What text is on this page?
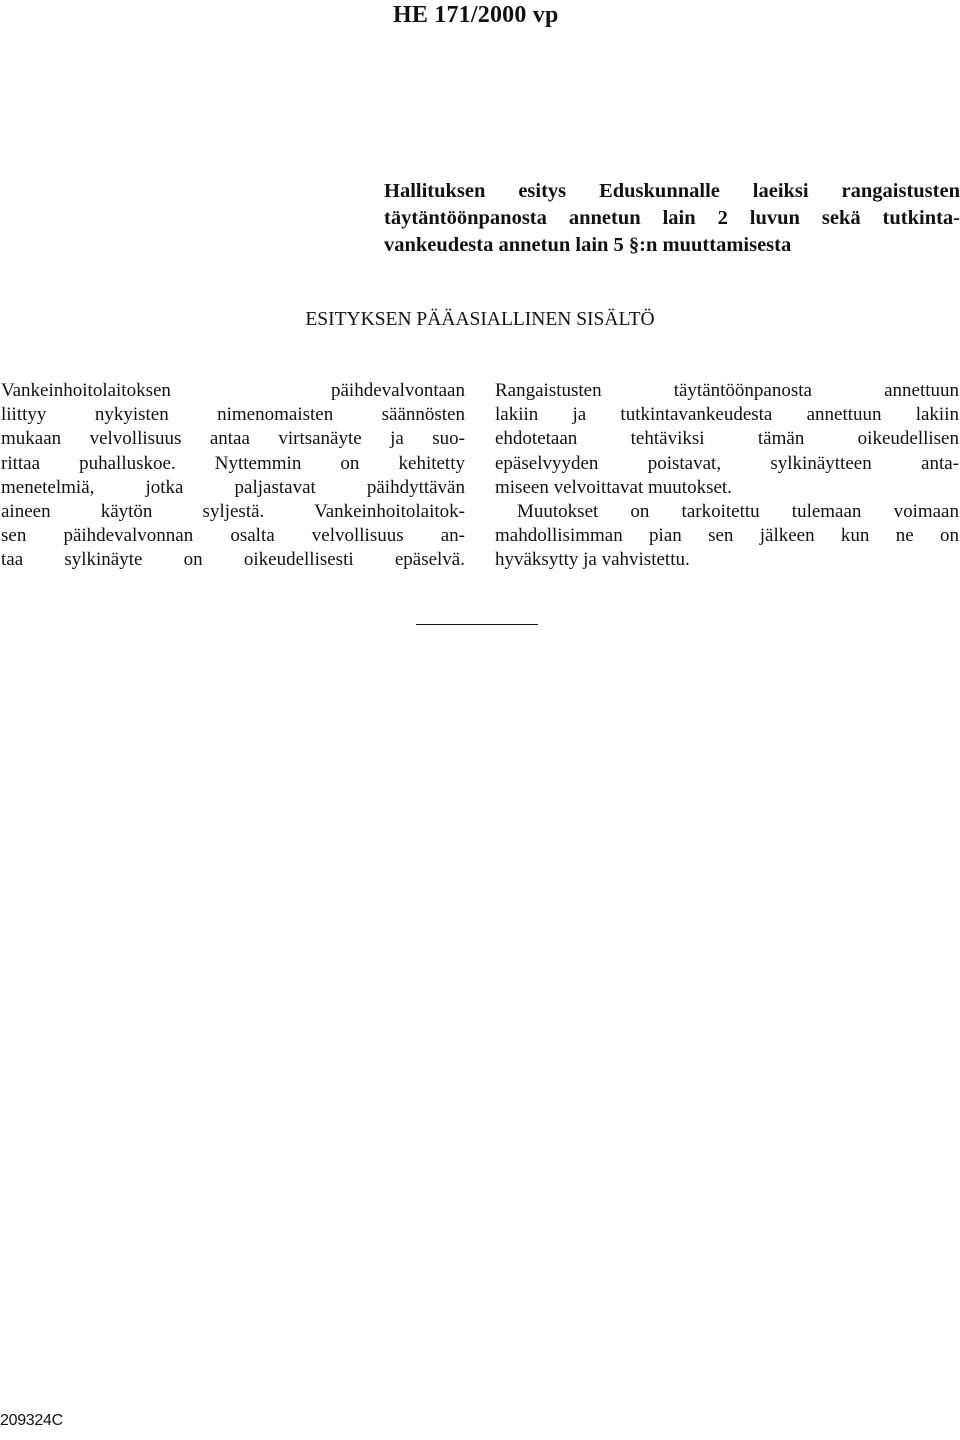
HE 171/2000 vp
Hallituksen esitys Eduskunnalle laeiksi rangaistusten
täytäntöönpanosta annetun lain 2 luvun sekä tutkinta-
vankeudesta annetun lain 5 §:n muuttamisesta
ESITYKSEN PÄÄASIALLINEN SISÄLTÖ
Vankeinhoitolaitoksen päihdevalvontaan
liittyy nykyisten nimenomaisten säännösten
mukaan velvollisuus antaa virtsanäyte ja suo-
rittaa puhalluskoe. Nyttemmin on kehitetty
menetelmiä, jotka paljastavat päihdyttävän
aineen käytön syljestä. Vankeinhoitolaitok-
sen päihdevalvonnan osalta velvollisuus an-
taa sylkinäyte on oikeudellisesti epäselvä.
Rangaistusten täytäntöönpanosta annettuun
lakiin ja tutkintavankeudesta annettuun lakiin
ehdotetaan tehtäviksi tämän oikeudellisen
epäselvyyden poistavat, sylkinäytteen anta-
miseen velvoittavat muutokset.
Muutokset on tarkoitettu tulemaan voimaan
mahdollisimman pian sen jälkeen kun ne on
hyväksytty ja vahvistettu.

209324C
